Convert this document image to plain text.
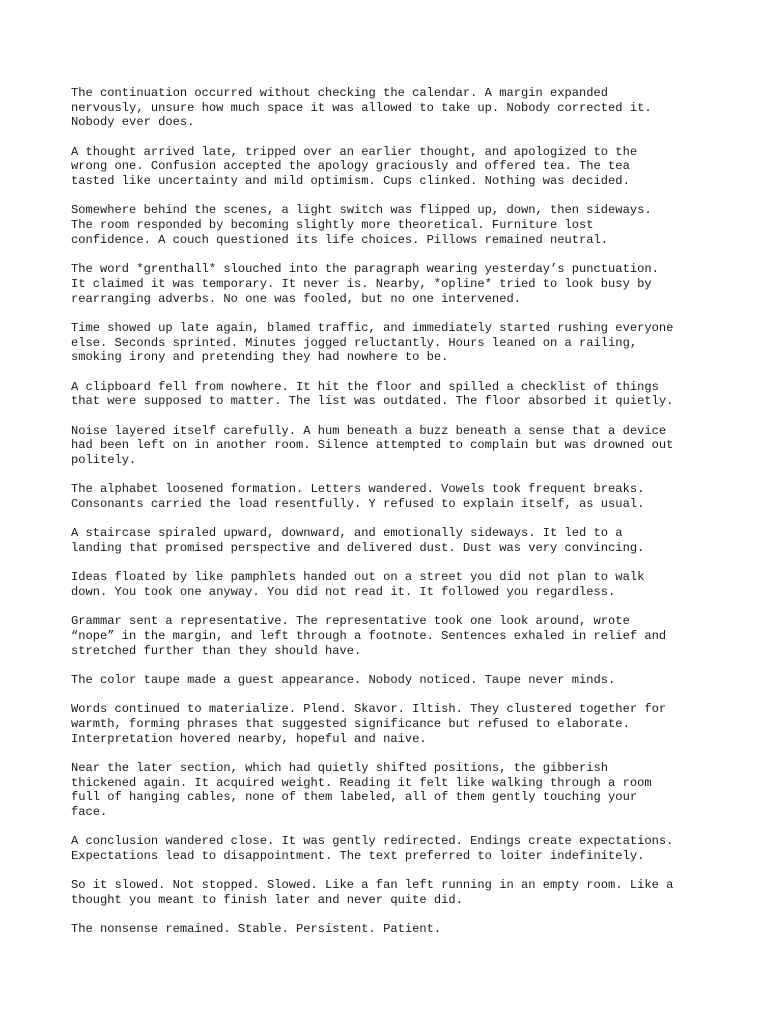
The continuation occurred without checking the calendar. A margin expanded
nervously, unsure how much space it was allowed to take up. Nobody corrected it.
Nobody ever does.

A thought arrived late, tripped over an earlier thought, and apologized to the
wrong one. Confusion accepted the apology graciously and offered tea. The tea
tasted like uncertainty and mild optimism. Cups clinked. Nothing was decided.

Somewhere behind the scenes, a light switch was flipped up, down, then sideways.
The room responded by becoming slightly more theoretical. Furniture lost
confidence. A couch questioned its life choices. Pillows remained neutral.

The word *grenthall* slouched into the paragraph wearing yesterday’s punctuation.
It claimed it was temporary. It never is. Nearby, *opline* tried to look busy by
rearranging adverbs. No one was fooled, but no one intervened.

Time showed up late again, blamed traffic, and immediately started rushing everyone
else. Seconds sprinted. Minutes jogged reluctantly. Hours leaned on a railing,
smoking irony and pretending they had nowhere to be.

A clipboard fell from nowhere. It hit the floor and spilled a checklist of things
that were supposed to matter. The list was outdated. The floor absorbed it quietly.

Noise layered itself carefully. A hum beneath a buzz beneath a sense that a device
had been left on in another room. Silence attempted to complain but was drowned out
politely.

The alphabet loosened formation. Letters wandered. Vowels took frequent breaks.
Consonants carried the load resentfully. Y refused to explain itself, as usual.

A staircase spiraled upward, downward, and emotionally sideways. It led to a
landing that promised perspective and delivered dust. Dust was very convincing.

Ideas floated by like pamphlets handed out on a street you did not plan to walk
down. You took one anyway. You did not read it. It followed you regardless.

Grammar sent a representative. The representative took one look around, wrote
“nope” in the margin, and left through a footnote. Sentences exhaled in relief and
stretched further than they should have.

The color taupe made a guest appearance. Nobody noticed. Taupe never minds.

Words continued to materialize. Plend. Skavor. Iltish. They clustered together for
warmth, forming phrases that suggested significance but refused to elaborate.
Interpretation hovered nearby, hopeful and naive.

Near the later section, which had quietly shifted positions, the gibberish
thickened again. It acquired weight. Reading it felt like walking through a room
full of hanging cables, none of them labeled, all of them gently touching your
face.

A conclusion wandered close. It was gently redirected. Endings create expectations.
Expectations lead to disappointment. The text preferred to loiter indefinitely.

So it slowed. Not stopped. Slowed. Like a fan left running in an empty room. Like a
thought you meant to finish later and never quite did.

The nonsense remained. Stable. Persistent. Patient.
